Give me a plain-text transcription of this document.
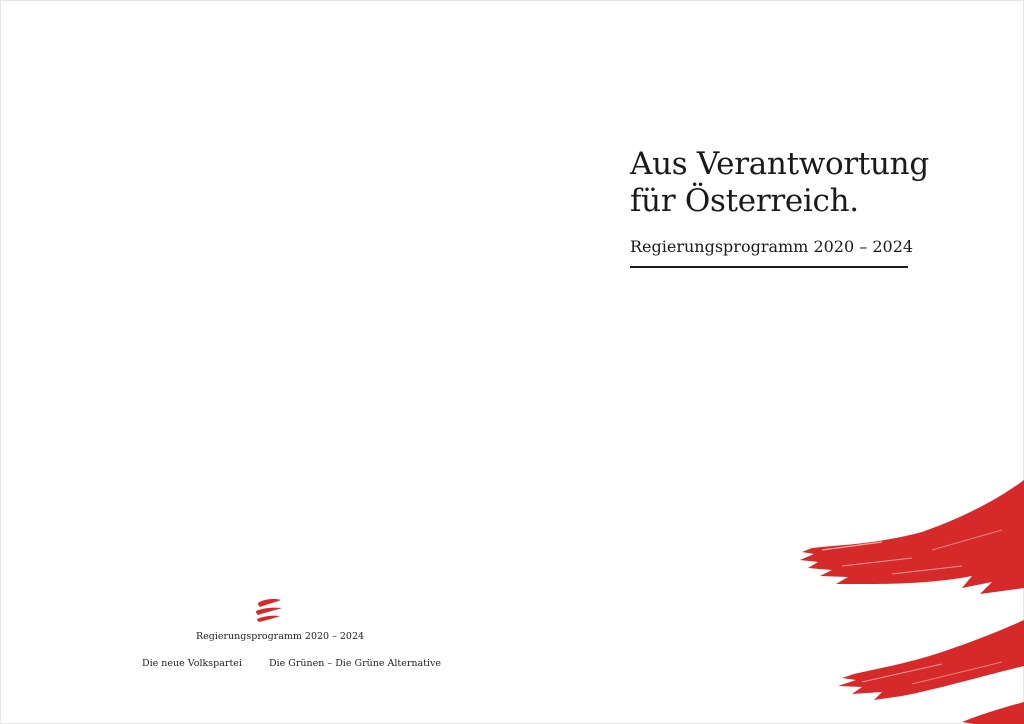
Regierungsprogramm 2020 – 2024
Die neue Volkspartei	Die Grünen – Die Grüne Alternative
Aus Verantwortung
für Österreich.
Regierungsprogramm 2020 – 2024
